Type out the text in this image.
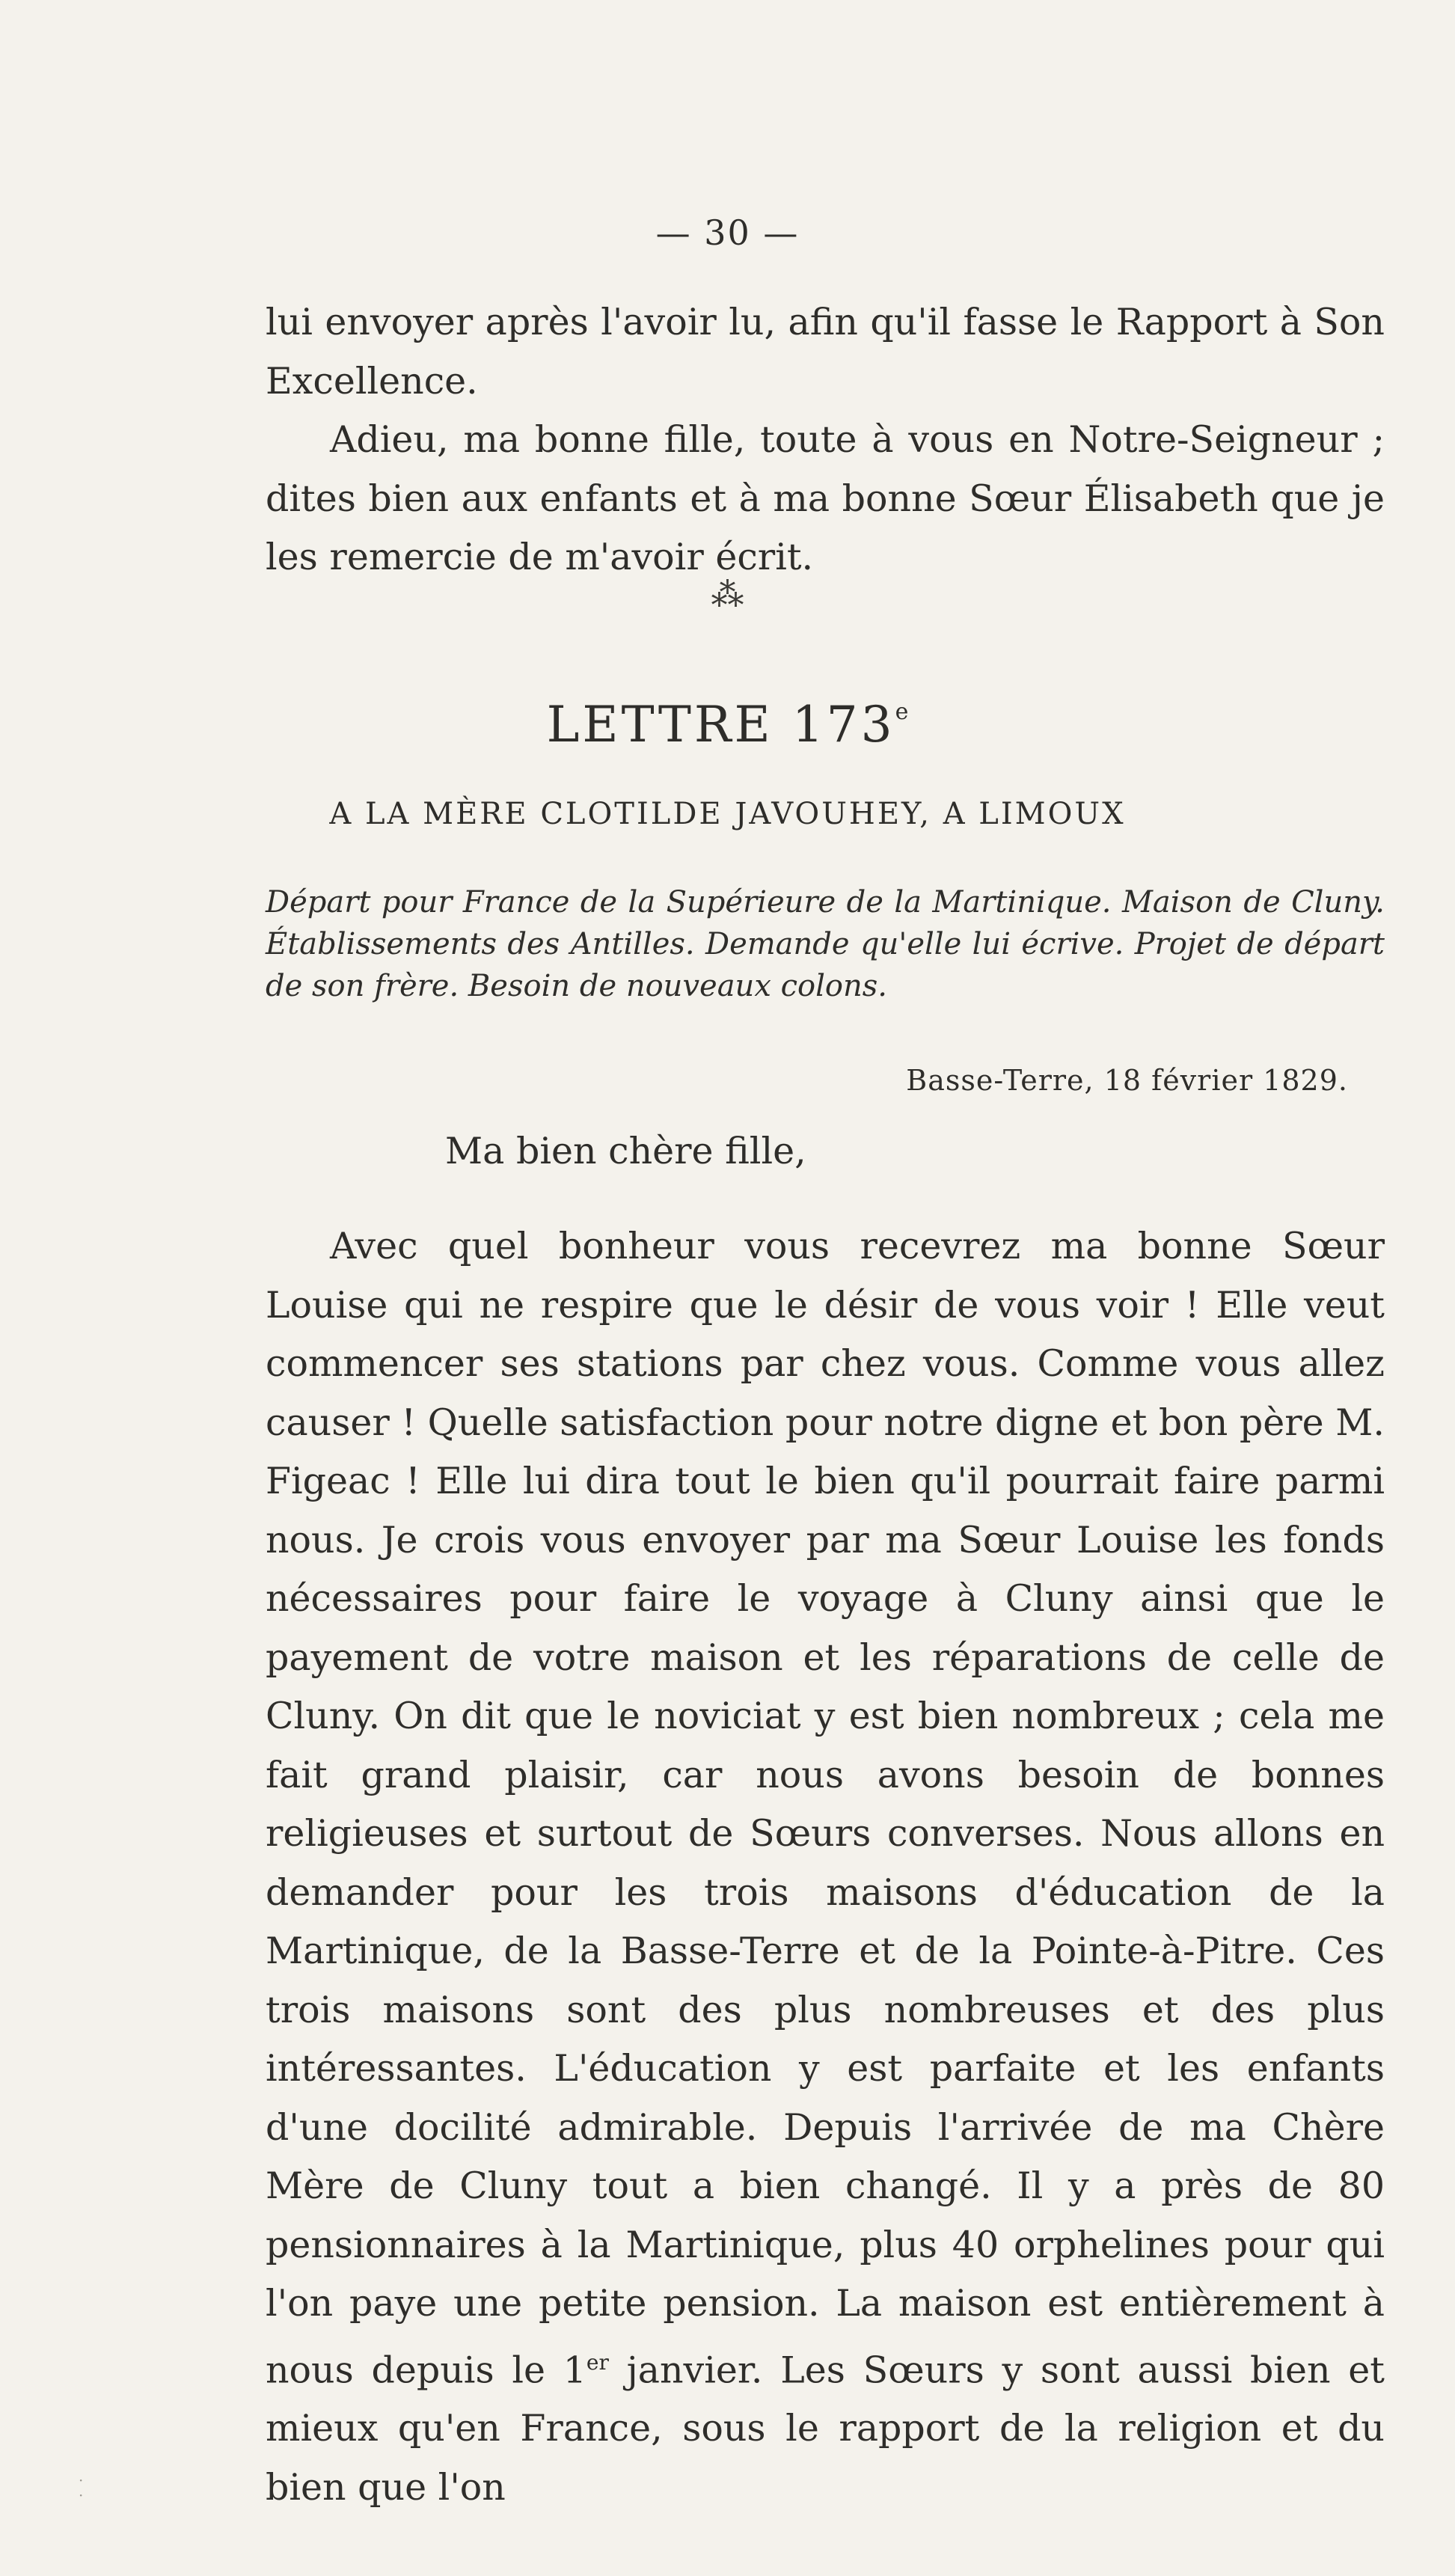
— 30 —

lui envoyer après l'avoir lu, afin qu'il fasse le Rapport à Son Excellence.

Adieu, ma bonne fille, toute à vous en Notre-Seigneur ; dites bien aux enfants et à ma bonne Sœur Élisabeth que je les remercie de m'avoir écrit.

⁂
LETTRE 173e
A LA MÈRE CLOTILDE JAVOUHEY, A LIMOUX
Départ pour France de la Supérieure de la Martinique. Maison de Cluny. Établissements des Antilles. Demande qu'elle lui écrive. Projet de départ de son frère. Besoin de nouveaux colons.
Basse-Terre, 18 février 1829.
Ma bien chère fille,

Avec quel bonheur vous recevrez ma bonne Sœur Louise qui ne respire que le désir de vous voir ! Elle veut commencer ses stations par chez vous. Comme vous allez causer ! Quelle satisfaction pour notre digne et bon père M. Figeac ! Elle lui dira tout le bien qu'il pourrait faire parmi nous. Je crois vous envoyer par ma Sœur Louise les fonds nécessaires pour faire le voyage à Cluny ainsi que le payement de votre maison et les réparations de celle de Cluny. On dit que le noviciat y est bien nombreux ; cela me fait grand plaisir, car nous avons besoin de bonnes religieuses et surtout de Sœurs converses. Nous allons en demander pour les trois maisons d'éducation de la Martinique, de la Basse-Terre et de la Pointe-à-Pitre. Ces trois maisons sont des plus nombreuses et des plus intéressantes. L'éducation y est parfaite et les enfants d'une docilité admirable. Depuis l'arrivée de ma Chère Mère de Cluny tout a bien changé. Il y a près de 80 pensionnaires à la Martinique, plus 40 orphelines pour qui l'on paye une petite pension. La maison est entièrement à nous depuis le 1er janvier. Les Sœurs y sont aussi bien et mieux qu'en France, sous le rapport de la religion et du bien que l'on

·
·
